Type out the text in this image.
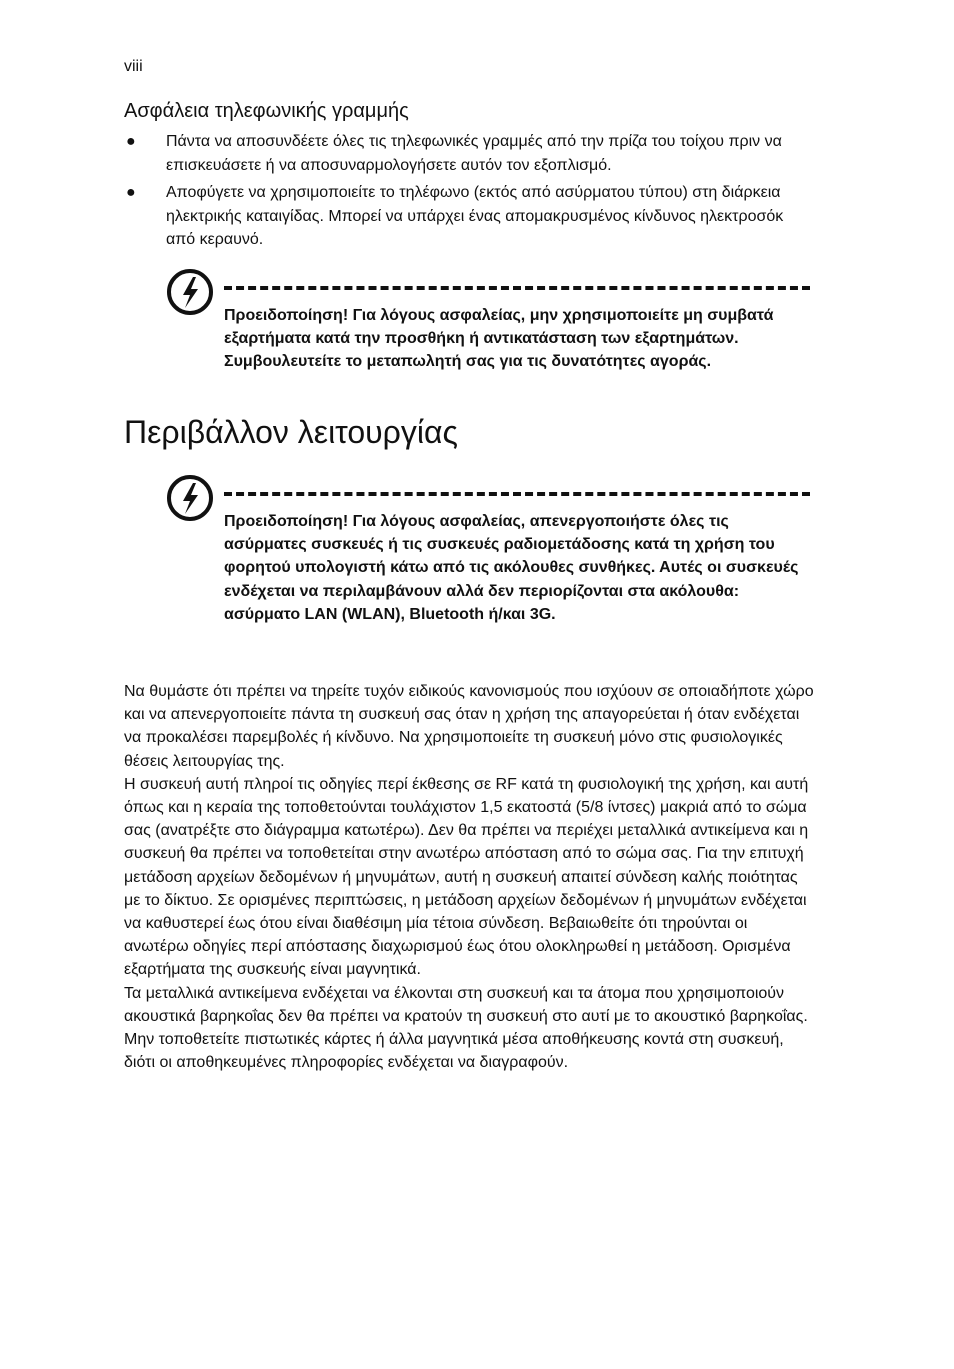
viii
Ασφάλεια τηλεφωνικής γραμμής
● Πάντα να αποσυνδέετε όλες τις τηλεφωνικές γραμμές από την πρίζα του τοίχου πριν να επισκευάσετε ή να αποσυναρμολογήσετε αυτόν τον εξοπλισμό.
● Αποφύγετε να χρησιμοποιείτε το τηλέφωνο (εκτός από ασύρματου τύπου) στη διάρκεια ηλεκτρικής καταιγίδας. Μπορεί να υπάρχει ένας απομακρυσμένος κίνδυνος ηλεκτροσόκ από κεραυνό.
Προειδοποίηση! Για λόγους ασφαλείας, μην χρησιμοποιείτε μη συμβατά εξαρτήματα κατά την προσθήκη ή αντικατάσταση των εξαρτημάτων. Συμβουλευτείτε το μεταπωλητή σας για τις δυνατότητες αγοράς.
Περιβάλλον λειτουργίας
Προειδοποίηση! Για λόγους ασφαλείας, απενεργοποιήστε όλες τις ασύρματες συσκευές ή τις συσκευές ραδιομετάδοσης κατά τη χρήση του φορητού υπολογιστή κάτω από τις ακόλουθες συνθήκες. Αυτές οι συσκευές ενδέχεται να περιλαμβάνουν αλλά δεν περιορίζονται στα ακόλουθα: ασύρματο LAN (WLAN), Bluetooth ή/και 3G.

Να θυμάστε ότι πρέπει να τηρείτε τυχόν ειδικούς κανονισμούς που ισχύουν σε οποιαδήποτε χώρο και να απενεργοποιείτε πάντα τη συσκευή σας όταν η χρήση της απαγορεύεται ή όταν ενδέχεται να προκαλέσει παρεμβολές ή κίνδυνο. Να χρησιμοποιείτε τη συσκευή μόνο στις φυσιολογικές θέσεις λειτουργίας της.

Η συσκευή αυτή πληροί τις οδηγίες περί έκθεσης σε RF κατά τη φυσιολογική της χρήση, και αυτή όπως και η κεραία της τοποθετούνται τουλάχιστον 1,5 εκατοστά (5/8 ίντσες) μακριά από το σώμα σας (ανατρέξτε στο διάγραμμα κατωτέρω). Δεν θα πρέπει να περιέχει μεταλλικά αντικείμενα και η συσκευή θα πρέπει να τοποθετείται στην ανωτέρω απόσταση από το σώμα σας. Για την επιτυχή μετάδοση αρχείων δεδομένων ή μηνυμάτων, αυτή η συσκευή απαιτεί σύνδεση καλής ποιότητας με το δίκτυο. Σε ορισμένες περιπτώσεις, η μετάδοση αρχείων δεδομένων ή μηνυμάτων ενδέχεται να καθυστερεί έως ότου είναι διαθέσιμη μία τέτοια σύνδεση. Βεβαιωθείτε ότι τηρούνται οι ανωτέρω οδηγίες περί απόστασης διαχωρισμού έως ότου ολοκληρωθεί η μετάδοση. Ορισμένα εξαρτήματα της συσκευής είναι μαγνητικά.

Τα μεταλλικά αντικείμενα ενδέχεται να έλκονται στη συσκευή και τα άτομα που χρησιμοποιούν ακουστικά βαρηκοΐας δεν θα πρέπει να κρατούν τη συσκευή στο αυτί με το ακουστικό βαρηκοΐας. Μην τοποθετείτε πιστωτικές κάρτες ή άλλα μαγνητικά μέσα αποθήκευσης κοντά στη συσκευή, διότι οι αποθηκευμένες πληροφορίες ενδέχεται να διαγραφούν.
